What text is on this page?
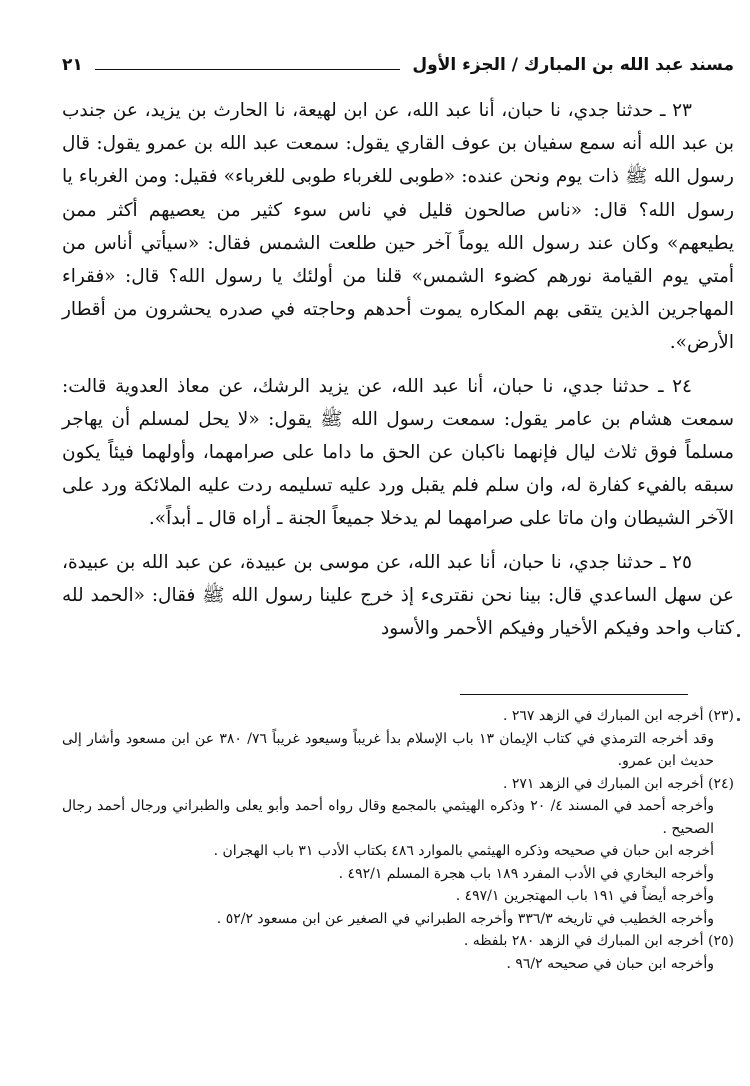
مسند عبد الله بن المبارك / الجزء الأول
٢١

٢٣ ـ حدثنا جدي، نا حبان، أنا عبد الله، عن ابن لهيعة، نا الحارث بن يزيد، عن جندب بن عبد الله أنه سمع سفيان بن عوف القاري يقول: سمعت عبد الله بن عمرو يقول: قال رسول الله ﷺ ذات يوم ونحن عنده: «طوبى للغرباء طوبى للغرباء» فقيل: ومن الغرباء يا رسول الله؟ قال: «ناس صالحون قليل في ناس سوء كثير من يعصيهم أكثر ممن يطيعهم» وكان عند رسول الله يوماً آخر حين طلعت الشمس فقال: «سيأتي أناس من أمتي يوم القيامة نورهم كضوء الشمس» قلنا من أولئك يا رسول الله؟ قال: «فقراء المهاجرين الذين يتقى بهم المكاره يموت أحدهم وحاجته في صدره يحشرون من أقطار الأرض».

٢٤ ـ حدثنا جدي، نا حبان، أنا عبد الله، عن يزيد الرشك، عن معاذ العدوية قالت: سمعت هشام بن عامر يقول: سمعت رسول الله ﷺ يقول: «لا يحل لمسلم أن يهاجر مسلماً فوق ثلاث ليال فإنهما ناكبان عن الحق ما داما على صرامهما، وأولهما فيئاً يكون سبقه بالفيء كفارة له، وان سلم فلم يقبل ورد عليه تسليمه ردت عليه الملائكة ورد على الآخر الشيطان وان ماتا على صرامهما لم يدخلا جميعاً الجنة ـ أراه قال ـ أبداً».

٢٥ ـ حدثنا جدي، نا حبان، أنا عبد الله، عن موسى بن عبيدة، عن عبد الله بن عبيدة، عن سهل الساعدي قال: بينا نحن نقترىء إذ خرج علينا رسول الله ﷺ فقال: «الحمد لله كتاب واحد وفيكم الأخيار وفيكم الأحمر والأسود

(٢٣) أخرجه ابن المبارك في الزهد ٢٦٧ .

وقد أخرجه الترمذي في كتاب الإيمان ١٣ باب الإسلام بدأ غريباً وسيعود غريباً ٧٦/ ٣٨٠ عن ابن مسعود وأشار إلى حديث ابن عمرو.

(٢٤) أخرجه ابن المبارك في الزهد ٢٧١ .

وأخرجه أحمد في المسند ٤/ ٢٠ وذكره الهيثمي بالمجمع وقال رواه أحمد وأبو يعلى والطبراني ورجال أحمد رجال الصحيح .

أخرجه ابن حبان في صحيحه وذكره الهيثمي بالموارد ٤٨٦ بكتاب الأدب ٣١ باب الهجران .

وأخرجه البخاري في الأدب المفرد ١٨٩ باب هجرة المسلم ٤٩٢/١ .

وأخرجه أيضاً في ١٩١ باب المهتجرين ٤٩٧/١ .

وأخرجه الخطيب في تاريخه ٣٣٦/٣ وأخرجه الطبراني في الصغير عن ابن مسعود ٥٢/٢ .

(٢٥) أخرجه ابن المبارك في الزهد ٢٨٠ بلفظه .

وأخرجه ابن حبان في صحيحه ٩٦/٢ .
